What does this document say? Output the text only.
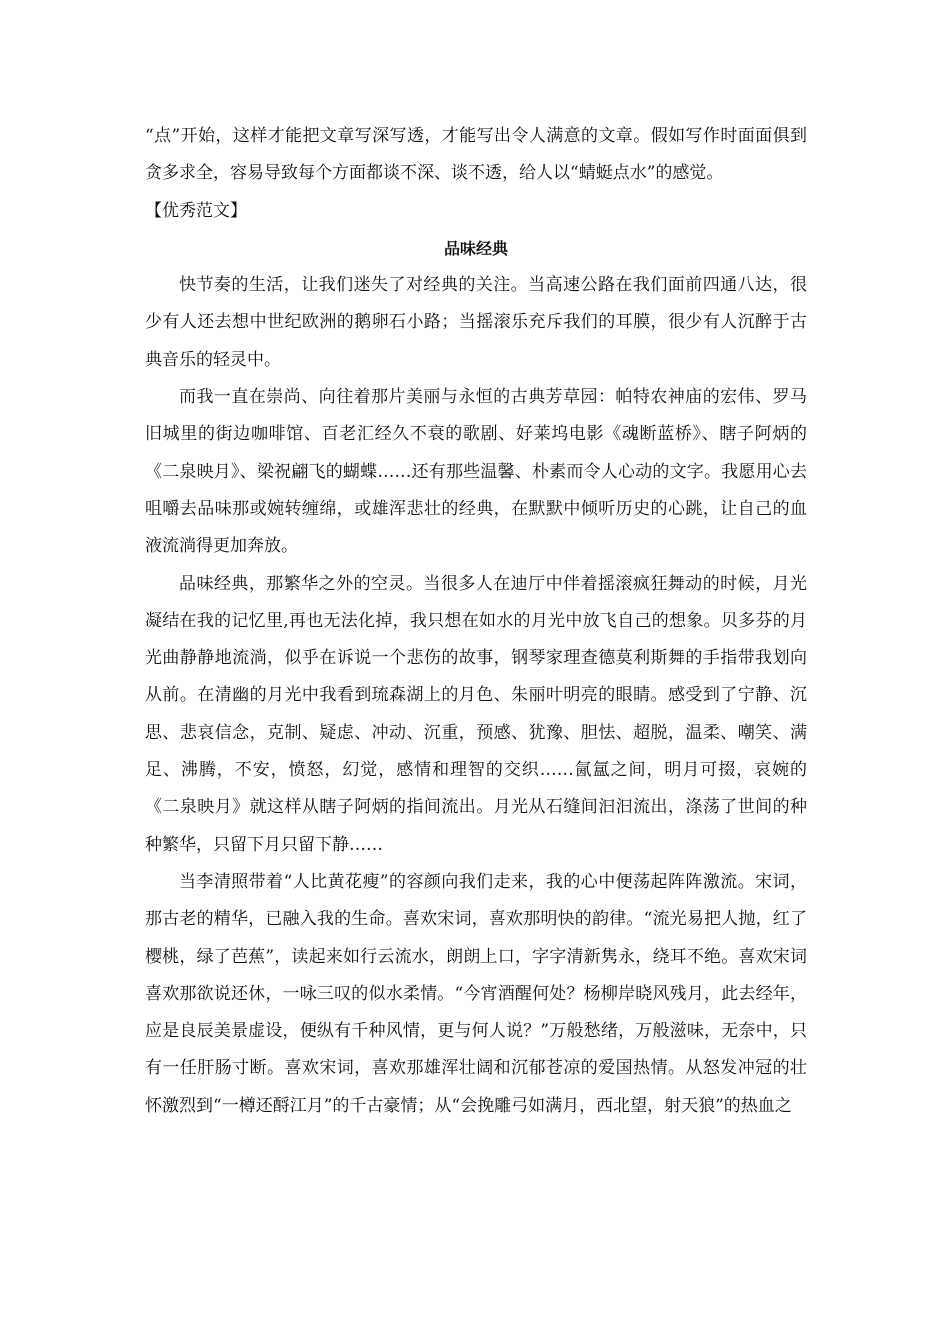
“点”开始，这样才能把文章写深写透，才能写出令人满意的文章。假如写作时面面俱到贪多求全，容易导致每个方面都谈不深、谈不透，给人以“蜻蜓点水”的感觉。

【优秀范文】

品味经典

快节奏的生活，让我们迷失了对经典的关注。当高速公路在我们面前四通八达，很少有人还去想中世纪欧洲的鹅卵石小路；当摇滚乐充斥我们的耳膜，很少有人沉醉于古典音乐的轻灵中。

而我一直在崇尚、向往着那片美丽与永恒的古典芳草园：帕特农神庙的宏伟、罗马旧城里的街边咖啡馆、百老汇经久不衰的歌剧、好莱坞电影《魂断蓝桥》、瞎子阿炳的《二泉映月》、梁祝翩飞的蝴蝶……还有那些温馨、朴素而令人心动的文字。我愿用心去咀嚼去品味那或婉转缠绵，或雄浑悲壮的经典，在默默中倾听历史的心跳，让自己的血液流淌得更加奔放。

品味经典，那繁华之外的空灵。当很多人在迪厅中伴着摇滚疯狂舞动的时候，月光凝结在我的记忆里,再也无法化掉，我只想在如水的月光中放飞自己的想象。贝多芬的月光曲静静地流淌，似乎在诉说一个悲伤的故事，钢琴家理查德莫利斯舞的手指带我划向从前。在清幽的月光中我看到琉森湖上的月色、朱丽叶明亮的眼睛。感受到了宁静、沉思、悲哀信念，克制、疑虑、冲动、沉重，预感、犹豫、胆怯、超脱，温柔、嘲笑、满足、沸腾，不安，愤怒，幻觉，感情和理智的交织……氤氲之间，明月可掇，哀婉的《二泉映月》就这样从瞎子阿炳的指间流出。月光从石缝间汩汩流出，涤荡了世间的种种繁华，只留下月只留下静……

当李清照带着“人比黄花瘦”的容颜向我们走来，我的心中便荡起阵阵激流。宋词，那古老的精华，已融入我的生命。喜欢宋词，喜欢那明快的韵律。“流光易把人抛，红了樱桃，绿了芭蕉”，读起来如行云流水，朗朗上口，字字清新隽永，绕耳不绝。喜欢宋词喜欢那欲说还休，一咏三叹的似水柔情。“今宵酒醒何处？杨柳岸晓风残月，此去经年，应是良辰美景虚设，便纵有千种风情，更与何人说？”万般愁绪，万般滋味，无奈中，只有一任肝肠寸断。喜欢宋词，喜欢那雄浑壮阔和沉郁苍凉的爱国热情。从怒发冲冠的壮怀激烈到“一樽还酹江月”的千古豪情；从“会挽雕弓如满月，西北望，射天狼”的热血之
